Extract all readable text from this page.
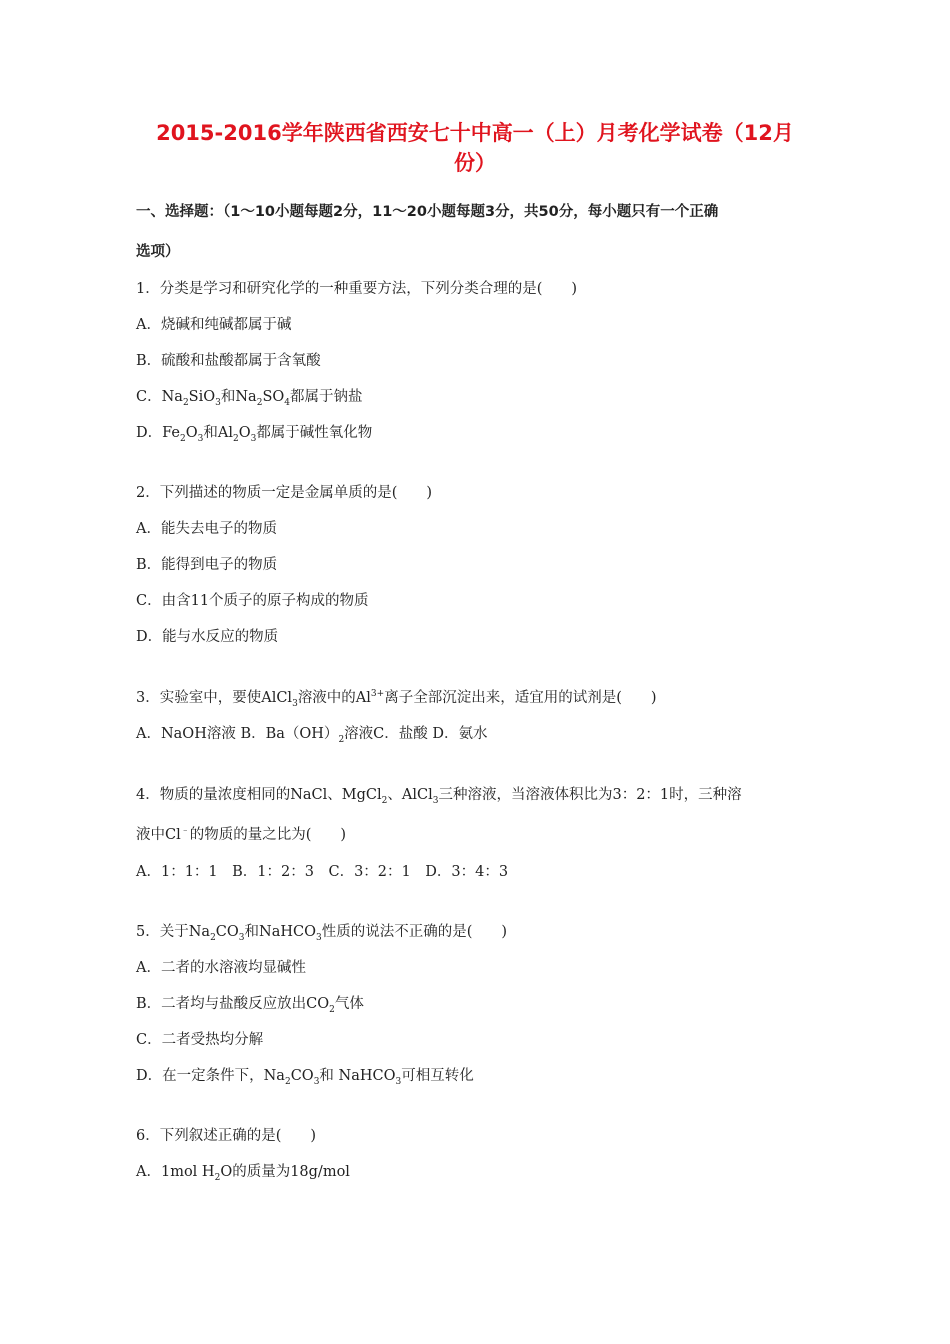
2015-2016学年陕西省西安七十中高一（上）月考化学试卷（12月
份）
一、选择题：（1～10小题每题2分，11～20小题每题3分，共50分，每小题只有一个正确
选项）
1．分类是学习和研究化学的一种重要方法，下列分类合理的是(　　)
A．烧碱和纯碱都属于碱
B．硫酸和盐酸都属于含氧酸
C．$Na_2SiO_3$和$Na_2SO_4$都属于钠盐
D．$Fe_2O_3$和$Al_2O_3$都属于碱性氧化物
2．下列描述的物质一定是金属单质的是(　　)
A．能失去电子的物质
B．能得到电子的物质
C．由含11个质子的原子构成的物质
D．能与水反应的物质
3．实验室中，要使AlCl$_3$溶液中的$Al^{3+}$离子全部沉淀出来，适宜用的试剂是(　　)
A．NaOH溶液 B．$Ba(OH)_2$溶液C．盐酸 D．氨水
4．物质的量浓度相同的NaCl、MgCl$_2$、AlCl$_3$三种溶液，当溶液体积比为3：2：1时，三种溶
液中Cl﹣的物质的量之比为(　　)
A．1：1：1　B．1：2：3　C．3：2：1　D．3：4：3
5．关于$Na_2CO_3$和NaHCO$_3$性质的说法不正确的是(　　)
A．二者的水溶液均显碱性
B．二者均与盐酸反应放出$CO_2$气体
C．二者受热均分解
D．在一定条件下，$Na_2CO_3$和 NaHCO$_3$可相互转化
6．下列叙述正确的是(　　)
A．1mol $H_2O$的质量为18g/mol
